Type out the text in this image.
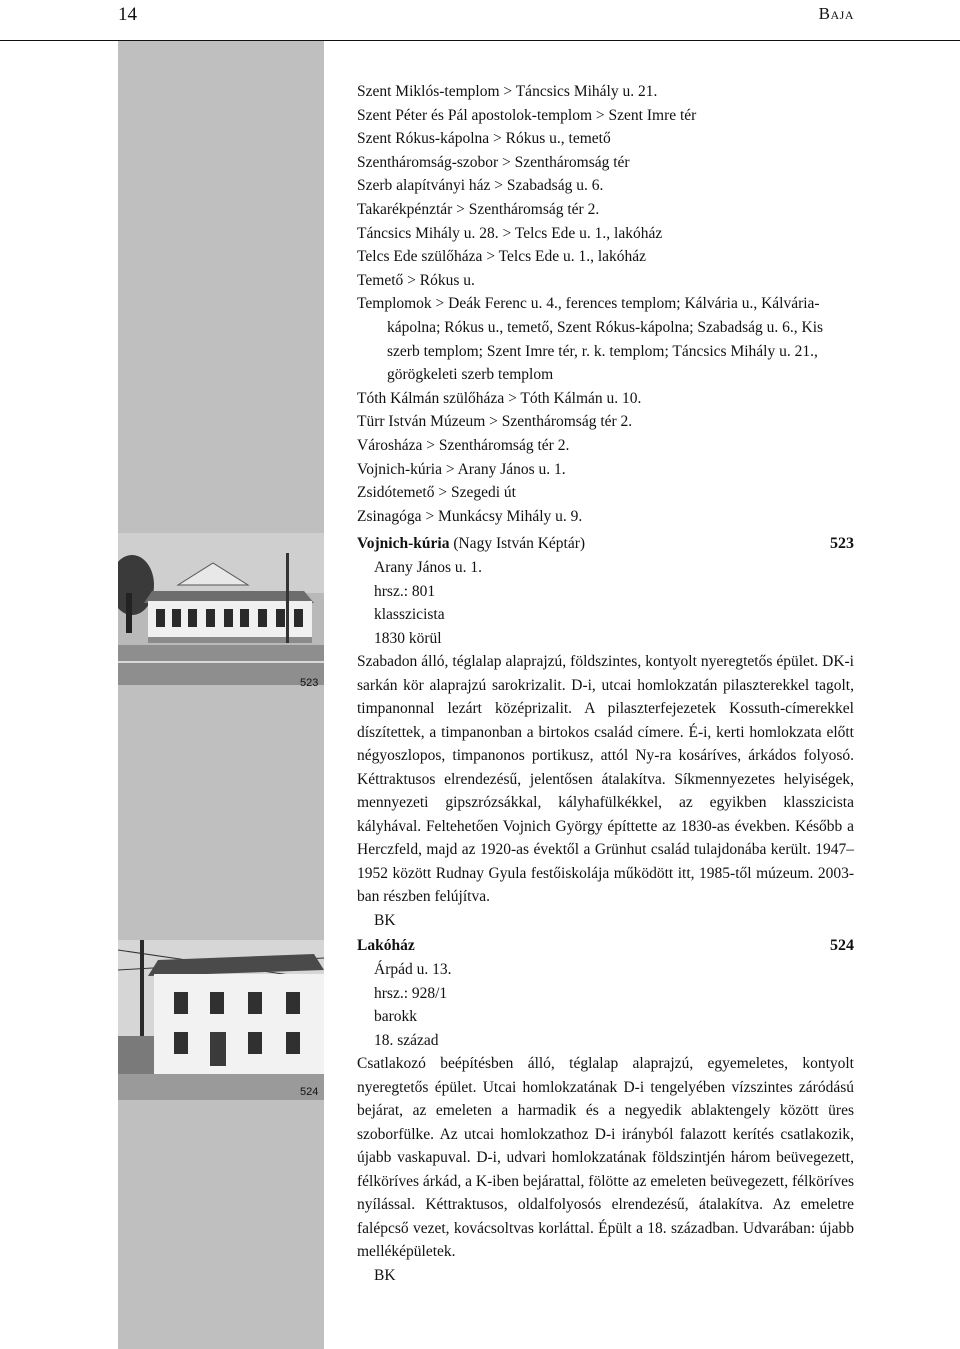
14	Baja
523
524
Szent Miklós-templom > Táncsics Mihály u. 21.
Szent Péter és Pál apostolok-templom > Szent Imre tér
Szent Rókus-kápolna > Rókus u., temető
Szentháromság-szobor > Szentháromság tér
Szerb alapítványi ház > Szabadság u. 6.
Takarékpénztár > Szentháromság tér 2.
Táncsics Mihály u. 28. > Telcs Ede u. 1., lakóház
Telcs Ede szülőháza > Telcs Ede u. 1., lakóház
Temető > Rókus u.
Templomok > Deák Ferenc u. 4., ferences templom; Kálvária u., Kálvária-kápolna; Rókus u., temető, Szent Rókus-kápolna; Szabadság u. 6., Kis szerb templom; Szent Imre tér, r. k. templom; Táncsics Mihály u. 21., görögkeleti szerb templom
Tóth Kálmán szülőháza > Tóth Kálmán u. 10.
Türr István Múzeum > Szentháromság tér 2.
Városháza > Szentháromság tér 2.
Vojnich-kúria > Arany János u. 1.
Zsidótemető > Szegedi út
Zsinagóga > Munkácsy Mihály u. 9.
Vojnich-kúria (Nagy István Képtár)	523
Arany János u. 1.
hrsz.: 801
klasszicista
1830 körül
Szabadon álló, téglalap alaprajzú, földszintes, kontyolt nyeregtetős épület. DK-i sarkán kör alaprajzú sarokrizalit. D-i, utcai homlokzatán pilaszterekkel tagolt, timpanonnal lezárt középrizalit. A pilaszterfejezetek Kossuth-címerekkel díszítettek, a timpanonban a birtokos család címere. É-i, kerti homlokzata előtt négyoszlopos, timpanonos portikusz, attól Ny-ra kosáríves, árkádos folyosó. Kéttraktusos elrendezésű, jelentősen átalakítva. Síkmennyezetes helyiségek, mennyezeti gipszrózsákkal, kályhafülkékkel, az egyikben klasszicista kályhával. Feltehetően Vojnich György építtette az 1830-as években. Később a Herczfeld, majd az 1920-as évektől a Grünhut család tulajdonába került. 1947–1952 között Rudnay Gyula festőiskolája működött itt, 1985-től múzeum. 2003-ban részben felújítva.
BK
Lakóház	524
Árpád u. 13.
hrsz.: 928/1
barokk
18. század
Csatlakozó beépítésben álló, téglalap alaprajzú, egyemeletes, kontyolt nyeregtetős épület. Utcai homlokzatának D-i tengelyében vízszintes záródású bejárat, az emeleten a harmadik és a negyedik ablaktengely között üres szoborfülke. Az utcai homlokzathoz D-i irányból falazott kerítés csatlakozik, újabb vaskapuval. D-i, udvari homlokzatának földszintjén három beüvegezett, félköríves árkád, a K-iben bejárattal, fölötte az emeleten beüvegezett, félköríves nyílással. Kéttraktusos, oldalfolyosós elrendezésű, átalakítva. Az emeletre falépcső vezet, kovácsoltvas korláttal. Épült a 18. században. Udvarában: újabb melléképületek.
BK
